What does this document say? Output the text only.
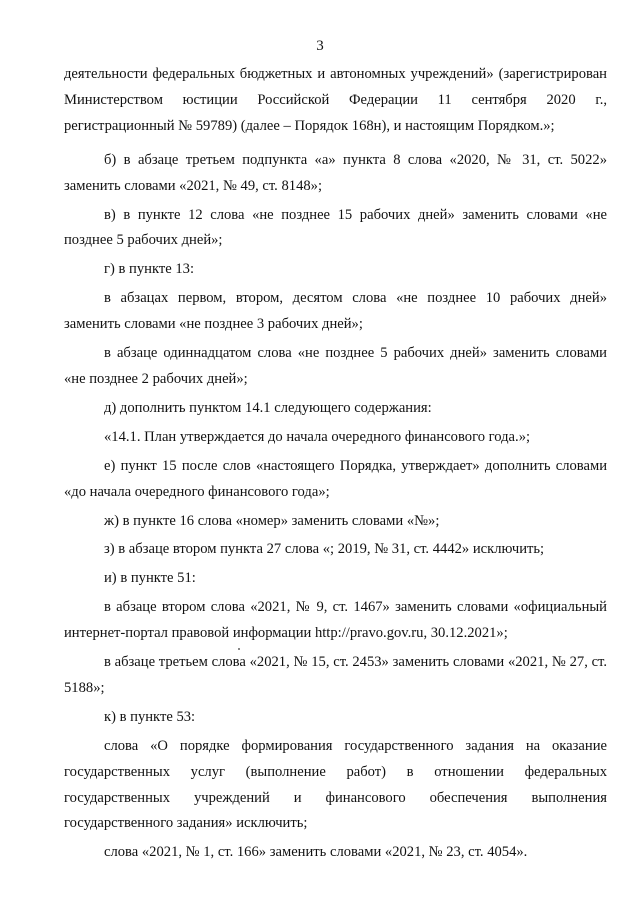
3

деятельности федеральных бюджетных и автономных учреждений» (зарегистрирован Министерством юстиции Российской Федерации 11 сентября 2020 г., регистрационный № 59789) (далее – Порядок 168н), и настоящим Порядком.»;

б) в абзаце третьем подпункта «а» пункта 8 слова «2020, № 31, ст. 5022» заменить словами «2021, № 49, ст. 8148»;

в) в пункте 12 слова «не позднее 15 рабочих дней» заменить словами «не позднее 5 рабочих дней»;

г) в пункте 13:

в абзацах первом, втором, десятом слова «не позднее 10 рабочих дней» заменить словами «не позднее 3 рабочих дней»;

в абзаце одиннадцатом слова «не позднее 5 рабочих дней» заменить словами «не позднее 2 рабочих дней»;

д) дополнить пунктом 14.1 следующего содержания:

«14.1. План утверждается до начала очередного финансового года.»;

е) пункт 15 после слов «настоящего Порядка, утверждает» дополнить словами «до начала очередного финансового года»;

ж) в пункте 16 слова «номер» заменить словами «№»;

з) в абзаце втором пункта 27 слова «; 2019, № 31, ст. 4442» исключить;

и) в пункте 51:

в абзаце втором слова «2021, № 9, ст. 1467» заменить словами «официальный интернет-портал правовой информации http://pravo.gov.ru, 30.12.2021»;

в абзаце третьем слова «2021, № 15, ст. 2453» заменить словами «2021, № 27, ст. 5188»;

к) в пункте 53:

слова «О порядке формирования государственного задания на оказание государственных услуг (выполнение работ) в отношении федеральных государственных учреждений и финансового обеспечения выполнения государственного задания» исключить;

слова «2021, № 1, ст. 166» заменить словами «2021, № 23, ст. 4054».
